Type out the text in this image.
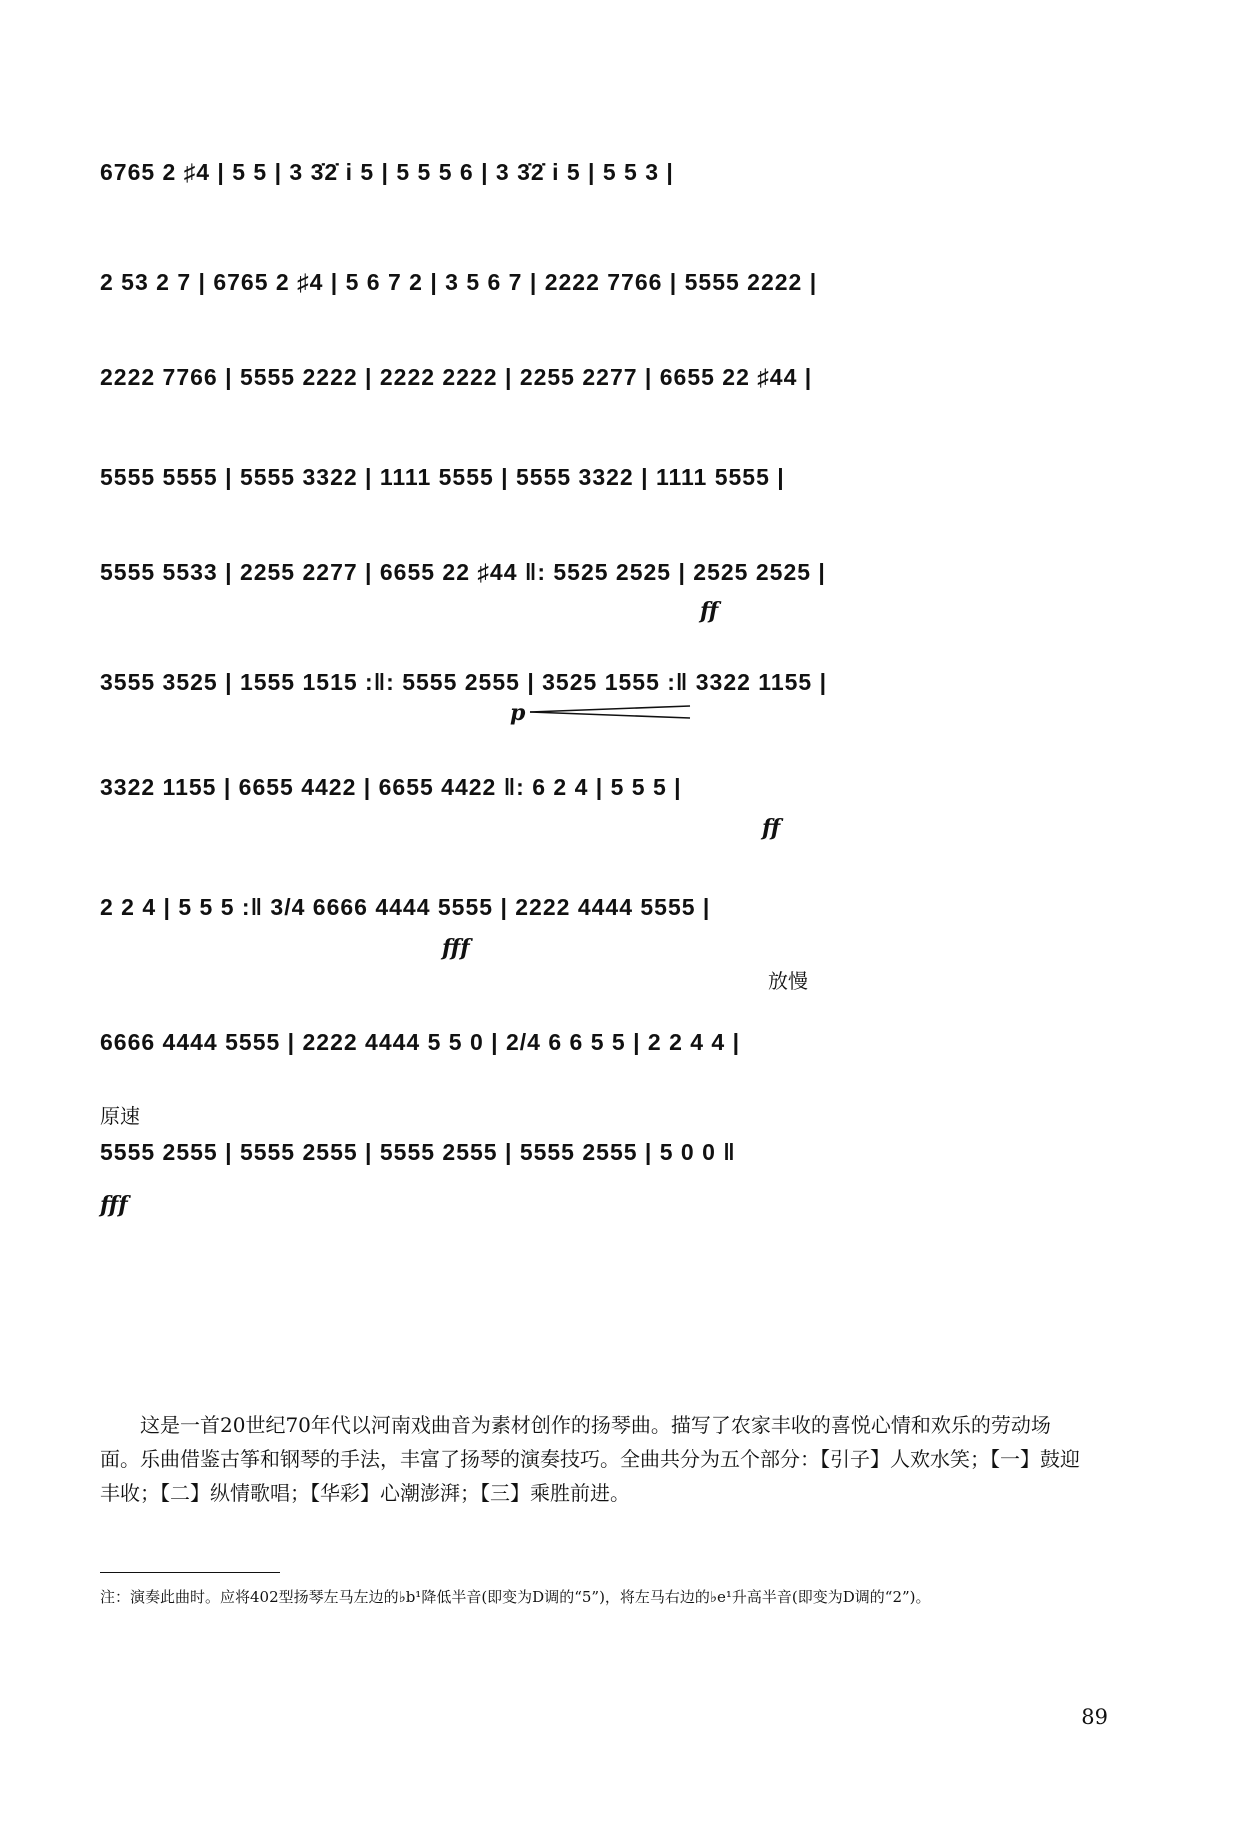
6765 2 ♯4 | 5 5 | 3 3̇2̇ i 5 | 5 5 5 6 | 3 3̇2̇ i 5 | 5 5 3 |
2 53 2 7 | 6765 2 ♯4 | 5 6 7 2 | 3 5 6 7 | 2222 7766 | 5555 2222 |
2222 7766 | 5555 2222 | 2222 2222 | 2255 2277 | 6655 22 ♯44 |
5555 5555 | 5555 3322 | 1111 5555 | 5555 3322 | 1111 5555 |
5555 5533 | 2255 2277 | 6655 22 ♯44 ‖: 5525 2525 | 2525 2525 |
3555 3525 | 1555 1515 :‖: 5555 2555 | 3525 1555 :‖ 3322 1155 |
3322 1155 | 6655 4422 | 6655 4422 ‖: 6 2 4 | 5 5 5 |
2 2 4 | 5 5 5 :‖ 3/4 6666 4444 5555 | 2222 4444 5555 |
6666 4444 5555 | 2222 4444 5 5 0 | 2/4 6 6 5 5 | 2 2 4 4 |
5555 2555 | 5555 2555 | 5555 2555 | 5555 2555 | 5 0 0 ‖
ff
p
ff
fff
放慢
原速
fff

这是一首20世纪70年代以河南戏曲音为素材创作的扬琴曲。描写了农家丰收的喜悦心情和欢乐的劳动场面。乐曲借鉴古筝和钢琴的手法，丰富了扬琴的演奏技巧。全曲共分为五个部分：【引子】人欢水笑；【一】鼓迎丰收；【二】纵情歌唱；【华彩】心潮澎湃；【三】乘胜前进。

注：演奏此曲时。应将402型扬琴左马左边的♭b¹降低半音(即变为D调的“5”)，将左马右边的♭e¹升高半音(即变为D调的“2”)。
89
